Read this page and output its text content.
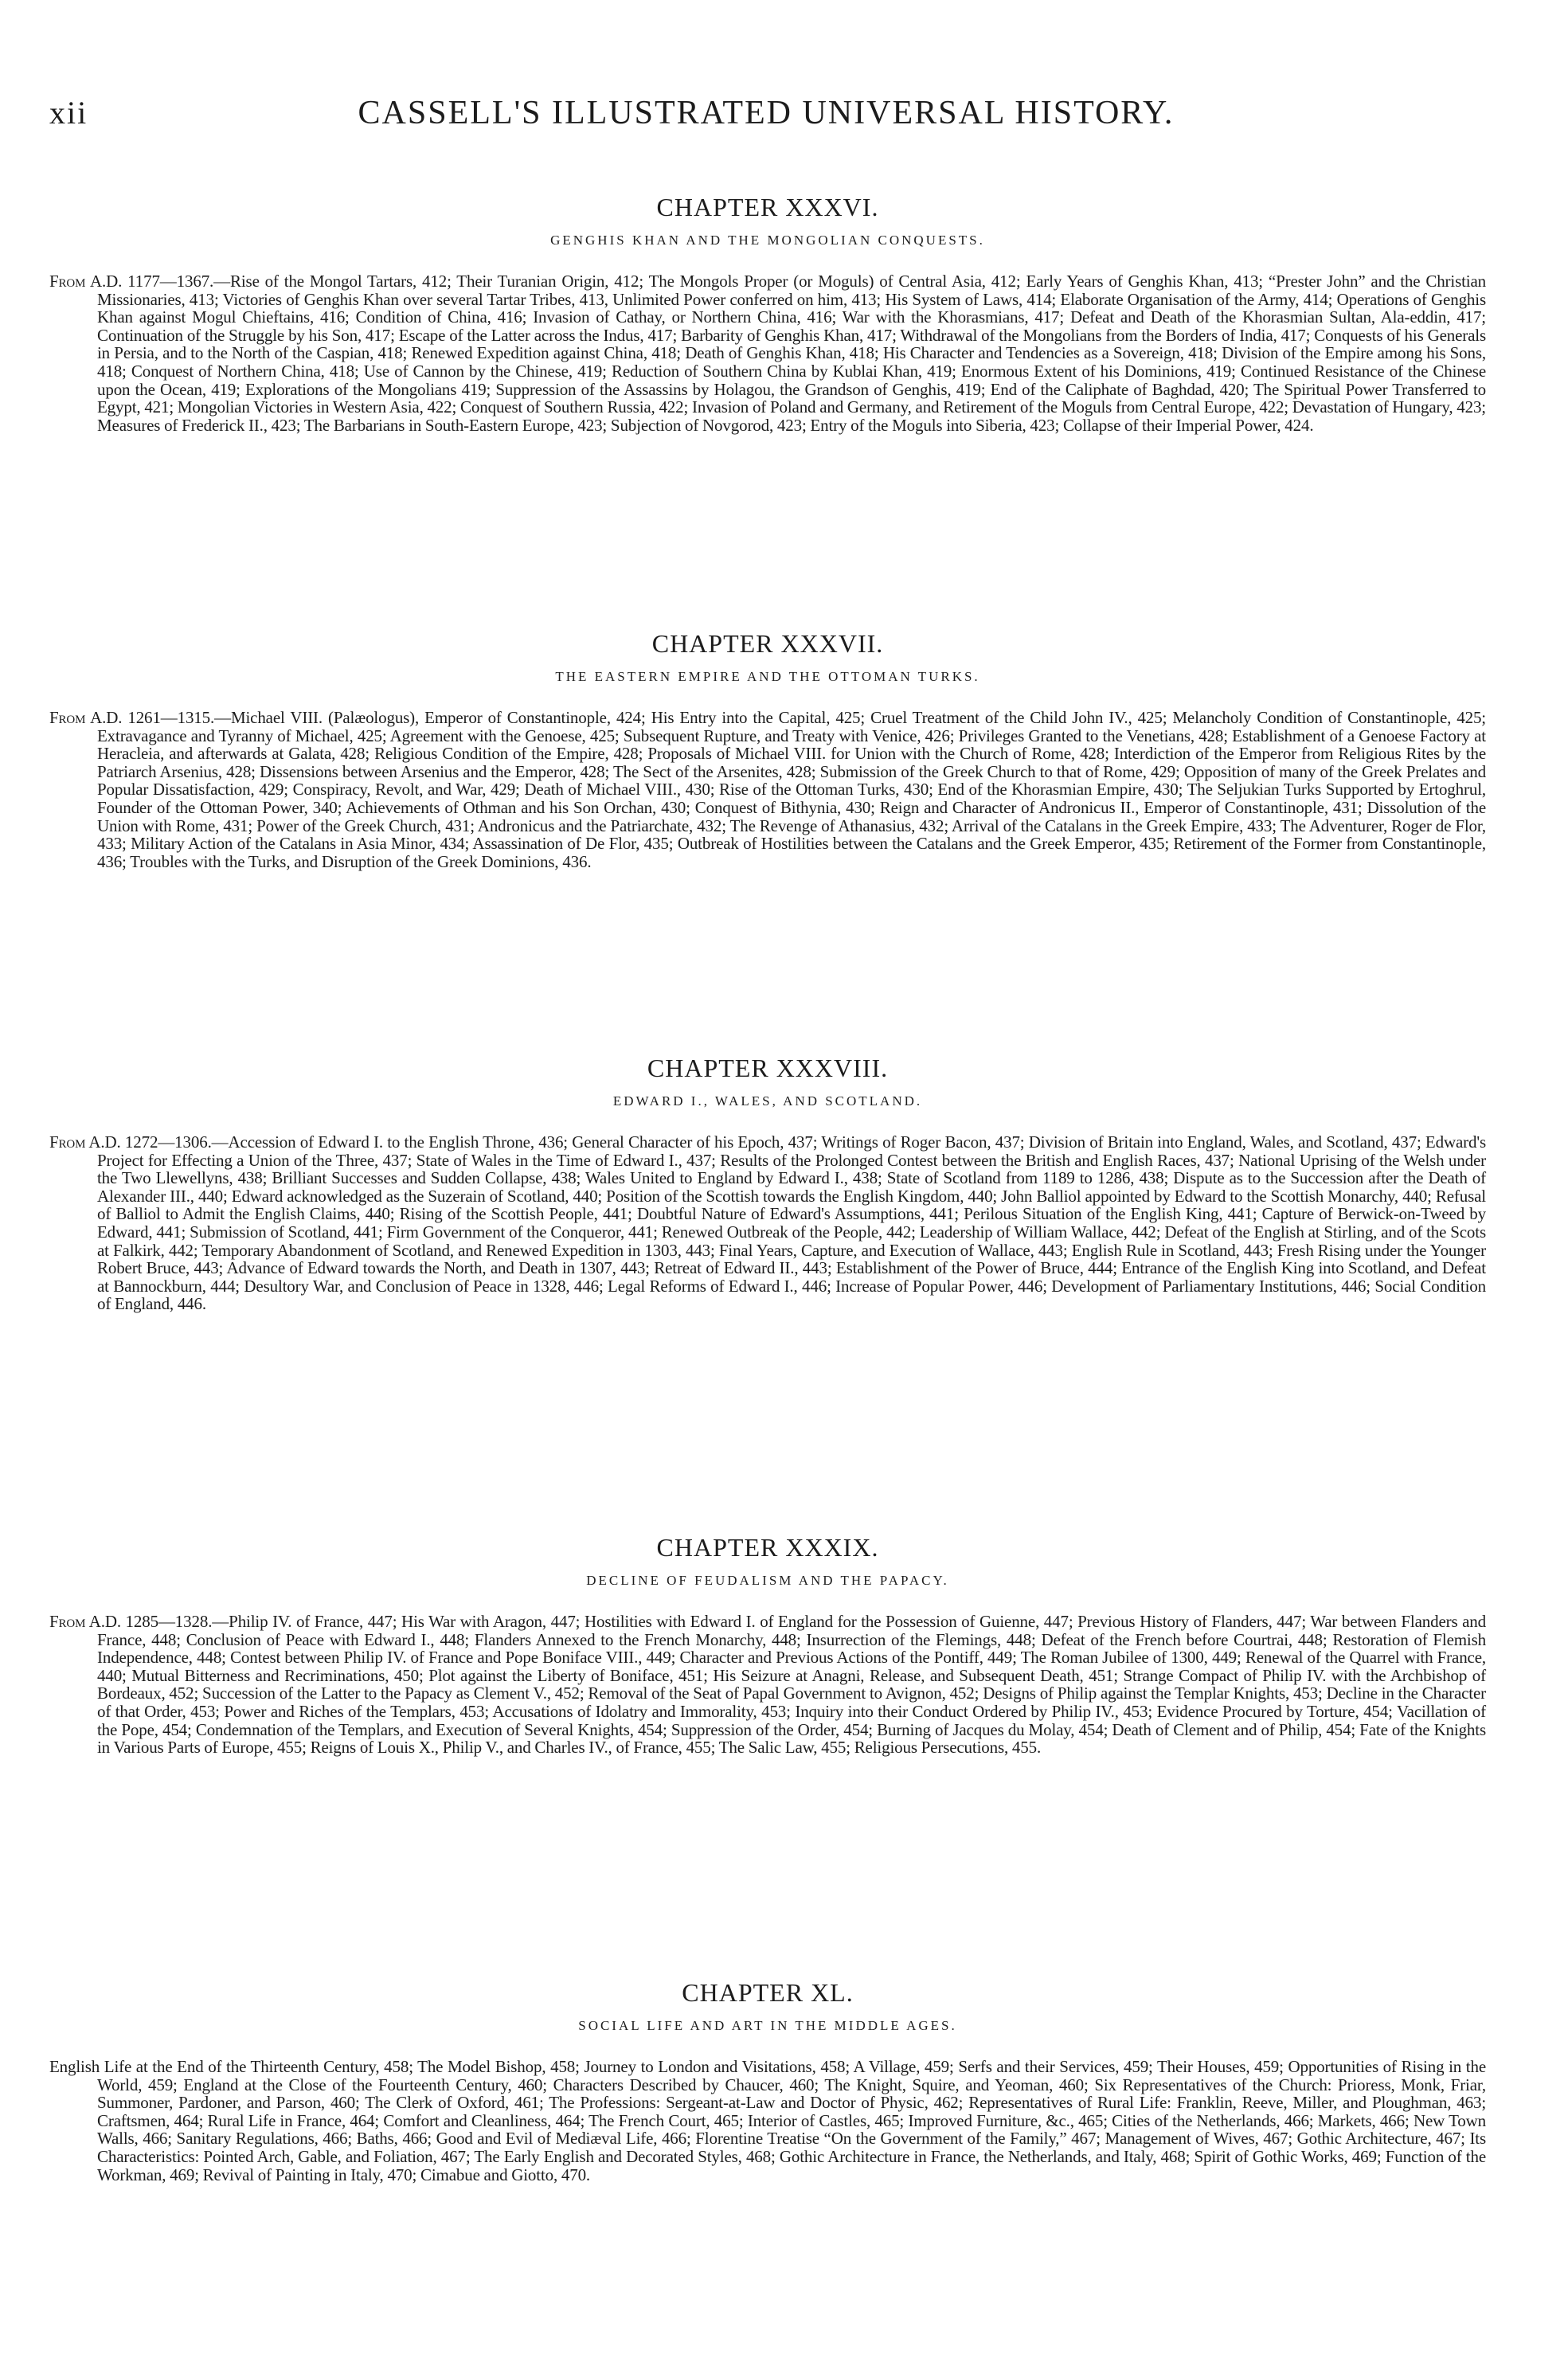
xii	CASSELL'S ILLUSTRATED UNIVERSAL HISTORY.
CHAPTER XXXVI.
GENGHIS KHAN AND THE MONGOLIAN CONQUESTS.

From A.D. 1177—1367.—Rise of the Mongol Tartars, 412; Their Turanian Origin, 412; The Mongols Proper (or Moguls) of Central Asia, 412; Early Years of Genghis Khan, 413; “Prester John” and the Christian Missionaries, 413; Victories of Genghis Khan over several Tartar Tribes, 413, Unlimited Power conferred on him, 413; His System of Laws, 414; Elaborate Organisation of the Army, 414; Operations of Genghis Khan against Mogul Chieftains, 416; Condition of China, 416; Invasion of Cathay, or Northern China, 416; War with the Khorasmians, 417; Defeat and Death of the Khorasmian Sultan, Ala-eddin, 417; Continuation of the Struggle by his Son, 417; Escape of the Latter across the Indus, 417; Barbarity of Genghis Khan, 417; Withdrawal of the Mongolians from the Borders of India, 417; Conquests of his Generals in Persia, and to the North of the Caspian, 418; Renewed Expedition against China, 418; Death of Genghis Khan, 418; His Character and Tendencies as a Sovereign, 418; Division of the Empire among his Sons, 418; Conquest of Northern China, 418; Use of Cannon by the Chinese, 419; Reduction of Southern China by Kublai Khan, 419; Enormous Extent of his Dominions, 419; Continued Resistance of the Chinese upon the Ocean, 419; Explorations of the Mongolians 419; Suppression of the Assassins by Holagou, the Grandson of Genghis, 419; End of the Caliphate of Baghdad, 420; The Spiritual Power Transferred to Egypt, 421; Mongolian Victories in Western Asia, 422; Conquest of Southern Russia, 422; Invasion of Poland and Germany, and Retirement of the Moguls from Central Europe, 422; Devastation of Hungary, 423; Measures of Frederick II., 423; The Barbarians in South-Eastern Europe, 423; Subjection of Novgorod, 423; Entry of the Moguls into Siberia, 423; Collapse of their Imperial Power, 424.

CHAPTER XXXVII.
THE EASTERN EMPIRE AND THE OTTOMAN TURKS.

From A.D. 1261—1315.—Michael VIII. (Palæologus), Emperor of Constantinople, 424; His Entry into the Capital, 425; Cruel Treatment of the Child John IV., 425; Melancholy Condition of Constantinople, 425; Extravagance and Tyranny of Michael, 425; Agreement with the Genoese, 425; Subsequent Rupture, and Treaty with Venice, 426; Privileges Granted to the Venetians, 428; Establishment of a Genoese Factory at Heracleia, and afterwards at Galata, 428; Religious Condition of the Empire, 428; Proposals of Michael VIII. for Union with the Church of Rome, 428; Interdiction of the Emperor from Religious Rites by the Patriarch Arsenius, 428; Dissensions between Arsenius and the Emperor, 428; The Sect of the Arsenites, 428; Submission of the Greek Church to that of Rome, 429; Opposition of many of the Greek Prelates and Popular Dissatisfaction, 429; Conspiracy, Revolt, and War, 429; Death of Michael VIII., 430; Rise of the Ottoman Turks, 430; End of the Khorasmian Empire, 430; The Seljukian Turks Supported by Ertoghrul, Founder of the Ottoman Power, 340; Achievements of Othman and his Son Orchan, 430; Conquest of Bithynia, 430; Reign and Character of Andronicus II., Emperor of Constantinople, 431; Dissolution of the Union with Rome, 431; Power of the Greek Church, 431; Andronicus and the Patriarchate, 432; The Revenge of Athanasius, 432; Arrival of the Catalans in the Greek Empire, 433; The Adventurer, Roger de Flor, 433; Military Action of the Catalans in Asia Minor, 434; Assassination of De Flor, 435; Outbreak of Hostilities between the Catalans and the Greek Emperor, 435; Retirement of the Former from Constantinople, 436; Troubles with the Turks, and Disruption of the Greek Dominions, 436.

CHAPTER XXXVIII.
EDWARD I., WALES, AND SCOTLAND.

From A.D. 1272—1306.—Accession of Edward I. to the English Throne, 436; General Character of his Epoch, 437; Writings of Roger Bacon, 437; Division of Britain into England, Wales, and Scotland, 437; Edward's Project for Effecting a Union of the Three, 437; State of Wales in the Time of Edward I., 437; Results of the Prolonged Contest between the British and English Races, 437; National Uprising of the Welsh under the Two Llewellyns, 438; Brilliant Successes and Sudden Collapse, 438; Wales United to England by Edward I., 438; State of Scotland from 1189 to 1286, 438; Dispute as to the Succession after the Death of Alexander III., 440; Edward acknowledged as the Suzerain of Scotland, 440; Position of the Scottish towards the English Kingdom, 440; John Balliol appointed by Edward to the Scottish Monarchy, 440; Refusal of Balliol to Admit the English Claims, 440; Rising of the Scottish People, 441; Doubtful Nature of Edward's Assumptions, 441; Perilous Situation of the English King, 441; Capture of Berwick-on-Tweed by Edward, 441; Submission of Scotland, 441; Firm Government of the Conqueror, 441; Renewed Outbreak of the People, 442; Leadership of William Wallace, 442; Defeat of the English at Stirling, and of the Scots at Falkirk, 442; Temporary Abandonment of Scotland, and Renewed Expedition in 1303, 443; Final Years, Capture, and Execution of Wallace, 443; English Rule in Scotland, 443; Fresh Rising under the Younger Robert Bruce, 443; Advance of Edward towards the North, and Death in 1307, 443; Retreat of Edward II., 443; Establishment of the Power of Bruce, 444; Entrance of the English King into Scotland, and Defeat at Bannockburn, 444; Desultory War, and Conclusion of Peace in 1328, 446; Legal Reforms of Edward I., 446; Increase of Popular Power, 446; Development of Parliamentary Institutions, 446; Social Condition of England, 446.

CHAPTER XXXIX.
DECLINE OF FEUDALISM AND THE PAPACY.

From A.D. 1285—1328.—Philip IV. of France, 447; His War with Aragon, 447; Hostilities with Edward I. of England for the Possession of Guienne, 447; Previous History of Flanders, 447; War between Flanders and France, 448; Conclusion of Peace with Edward I., 448; Flanders Annexed to the French Monarchy, 448; Insurrection of the Flemings, 448; Defeat of the French before Courtrai, 448; Restoration of Flemish Independence, 448; Contest between Philip IV. of France and Pope Boniface VIII., 449; Character and Previous Actions of the Pontiff, 449; The Roman Jubilee of 1300, 449; Renewal of the Quarrel with France, 440; Mutual Bitterness and Recriminations, 450; Plot against the Liberty of Boniface, 451; His Seizure at Anagni, Release, and Subsequent Death, 451; Strange Compact of Philip IV. with the Archbishop of Bordeaux, 452; Succession of the Latter to the Papacy as Clement V., 452; Removal of the Seat of Papal Government to Avignon, 452; Designs of Philip against the Templar Knights, 453; Decline in the Character of that Order, 453; Power and Riches of the Templars, 453; Accusations of Idolatry and Immorality, 453; Inquiry into their Conduct Ordered by Philip IV., 453; Evidence Procured by Torture, 454; Vacillation of the Pope, 454; Condemnation of the Templars, and Execution of Several Knights, 454; Suppression of the Order, 454; Burning of Jacques du Molay, 454; Death of Clement and of Philip, 454; Fate of the Knights in Various Parts of Europe, 455; Reigns of Louis X., Philip V., and Charles IV., of France, 455; The Salic Law, 455; Religious Persecutions, 455.

CHAPTER XL.
SOCIAL LIFE AND ART IN THE MIDDLE AGES.

English Life at the End of the Thirteenth Century, 458; The Model Bishop, 458; Journey to London and Visitations, 458; A Village, 459; Serfs and their Services, 459; Their Houses, 459; Opportunities of Rising in the World, 459; England at the Close of the Fourteenth Century, 460; Characters Described by Chaucer, 460; The Knight, Squire, and Yeoman, 460; Six Representatives of the Church: Prioress, Monk, Friar, Summoner, Pardoner, and Parson, 460; The Clerk of Oxford, 461; The Professions: Sergeant-at-Law and Doctor of Physic, 462; Representatives of Rural Life: Franklin, Reeve, Miller, and Ploughman, 463; Craftsmen, 464; Rural Life in France, 464; Comfort and Cleanliness, 464; The French Court, 465; Interior of Castles, 465; Improved Furniture, &c., 465; Cities of the Netherlands, 466; Markets, 466; New Town Walls, 466; Sanitary Regulations, 466; Baths, 466; Good and Evil of Mediæval Life, 466; Florentine Treatise “On the Government of the Family,” 467; Management of Wives, 467; Gothic Architecture, 467; Its Characteristics: Pointed Arch, Gable, and Foliation, 467; The Early English and Decorated Styles, 468; Gothic Architecture in France, the Netherlands, and Italy, 468; Spirit of Gothic Works, 469; Function of the Workman, 469; Revival of Painting in Italy, 470; Cimabue and Giotto, 470.
